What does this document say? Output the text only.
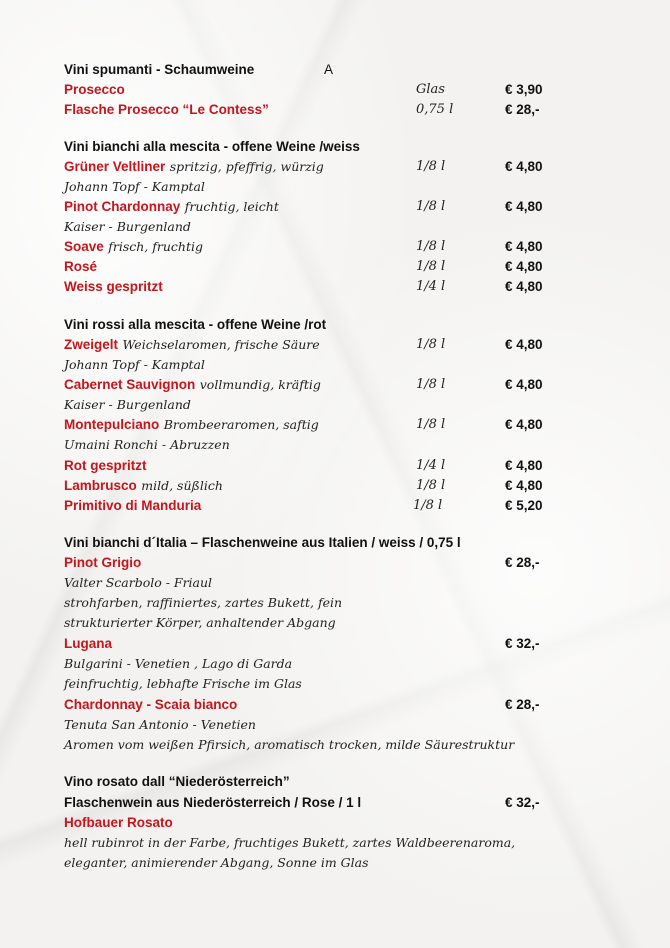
Vini spumanti - Schaumweine	A
Prosecco	Glas	€ 3,90
Flasche Prosecco “Le Contess”	0,75 l	€ 28,-
Vini bianchi alla mescita - offene Weine /weiss
Grüner Veltliner spritzig, pfeffrig, würzig	1/8 l	€ 4,80
Johann Topf - Kamptal
Pinot Chardonnay fruchtig, leicht	1/8 l	€ 4,80
Kaiser - Burgenland
Soave frisch, fruchtig	1/8 l	€ 4,80
Rosé	1/8 l	€ 4,80
Weiss gespritzt	1/4 l	€ 4,80
Vini rossi alla mescita - offene Weine /rot
Zweigelt Weichselaromen, frische Säure	1/8 l	€ 4,80
Johann Topf - Kamptal
Cabernet Sauvignon vollmundig, kräftig	1/8 l	€ 4,80
Kaiser - Burgenland
Montepulciano Brombeeraromen, saftig	1/8 l	€ 4,80
Umaini Ronchi - Abruzzen
Rot gespritzt	1/4 l	€ 4,80
Lambrusco mild, süßlich	1/8 l	€ 4,80
Primitivo di Manduria	1/8 l	€ 5,20
Vini bianchi d´Italia – Flaschenweine aus Italien / weiss / 0,75 l
Pinot Grigio	€ 28,-
Valter Scarbolo - Friaul
strohfarben, raffiniertes, zartes Bukett, fein
strukturierter Körper, anhaltender Abgang
Lugana	€ 32,-
Bulgarini - Venetien , Lago di Garda
feinfruchtig, lebhafte Frische im Glas
Chardonnay - Scaia bianco	€ 28,-
Tenuta San Antonio - Venetien
Aromen vom weißen Pfirsich, aromatisch trocken, milde Säurestruktur
Vino rosato dall “Niederösterreich”
Flaschenwein aus Niederösterreich / Rose / 1 l	€ 32,-
Hofbauer Rosato
hell rubinrot in der Farbe, fruchtiges Bukett, zartes Waldbeerenaroma,
eleganter, animierender Abgang, Sonne im Glas
